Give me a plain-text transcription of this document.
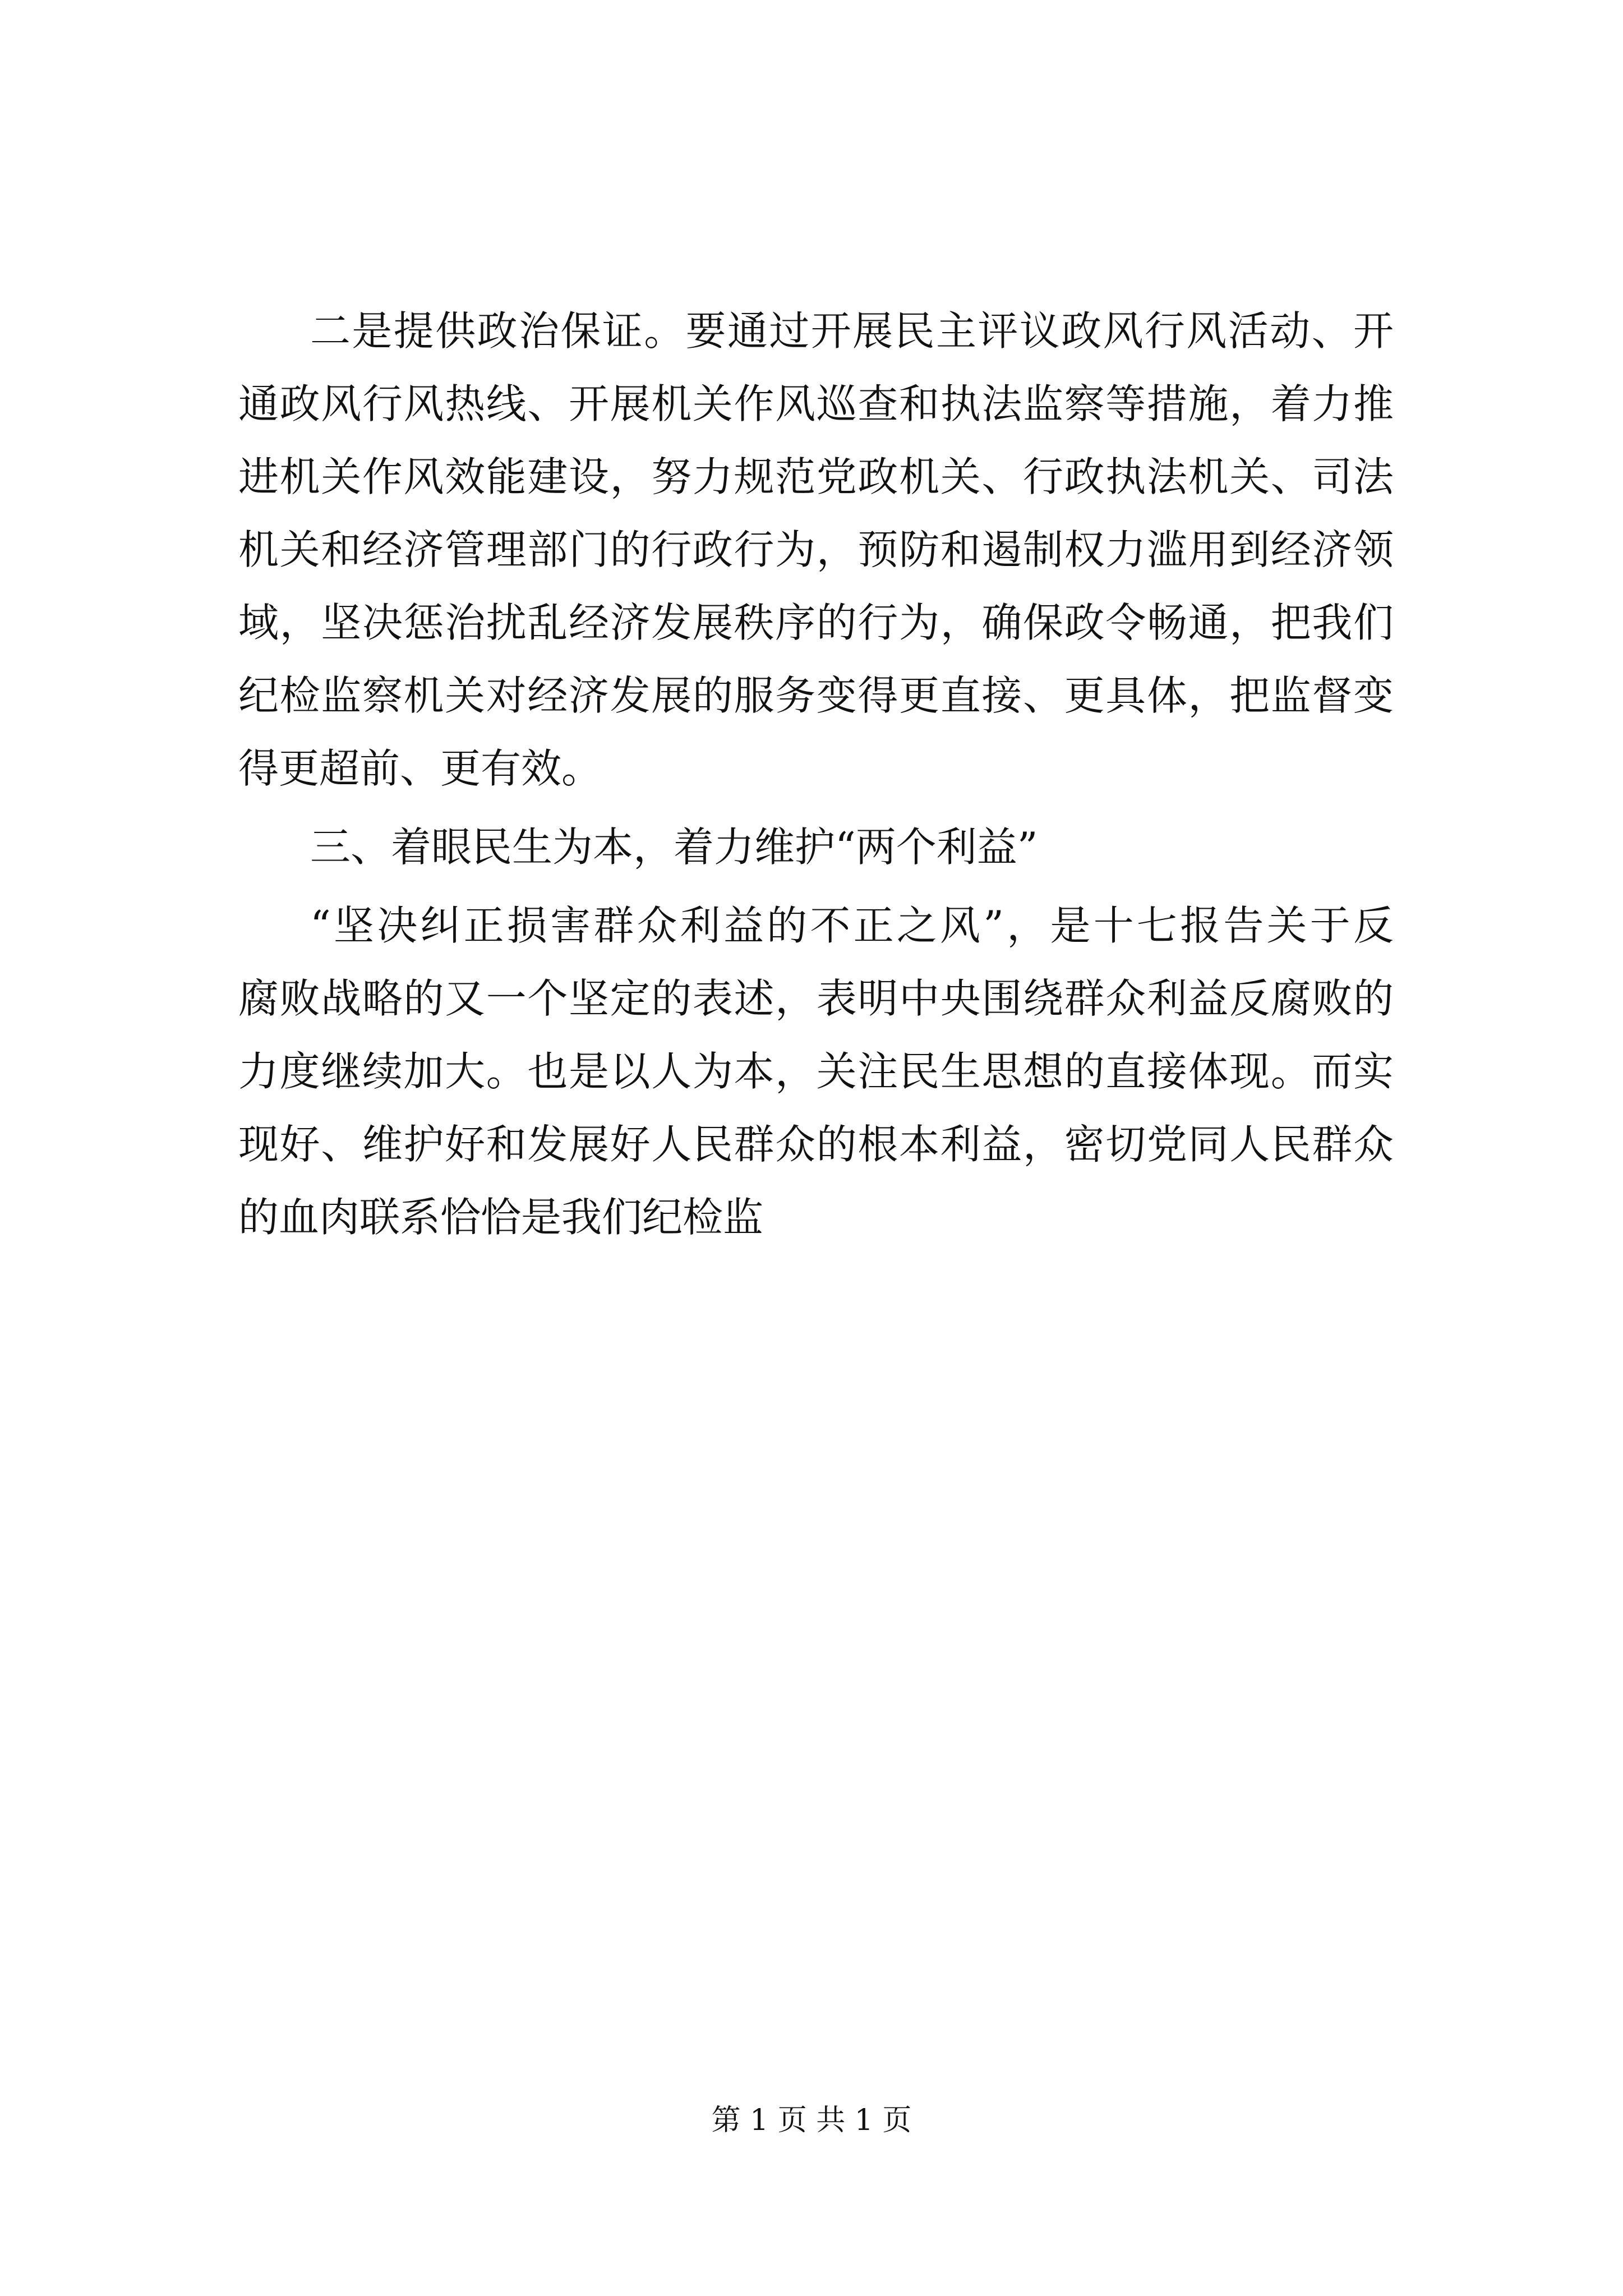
二是提供政治保证。要通过开展民主评议政风行风活动、开
通政风行风热线、开展机关作风巡查和执法监察等措施，着力推
进机关作风效能建设，努力规范党政机关、行政执法机关、司法
机关和经济管理部门的行政行为，预防和遏制权力滥用到经济领
域，坚决惩治扰乱经济发展秩序的行为，确保政令畅通，把我们
纪检监察机关对经济发展的服务变得更直接、更具体，把监督变
得更超前、更有效。
三、着眼民生为本，着力维护“两个利益”
“坚决纠正损害群众利益的不正之风”，是十七报告关于反
腐败战略的又一个坚定的表述，表明中央围绕群众利益反腐败的
力度继续加大。也是以人为本，关注民生思想的直接体现。而实
现好、维护好和发展好人民群众的根本利益，密切党同人民群众
的血肉联系恰恰是我们纪检监
第 1 页 共 1 页
